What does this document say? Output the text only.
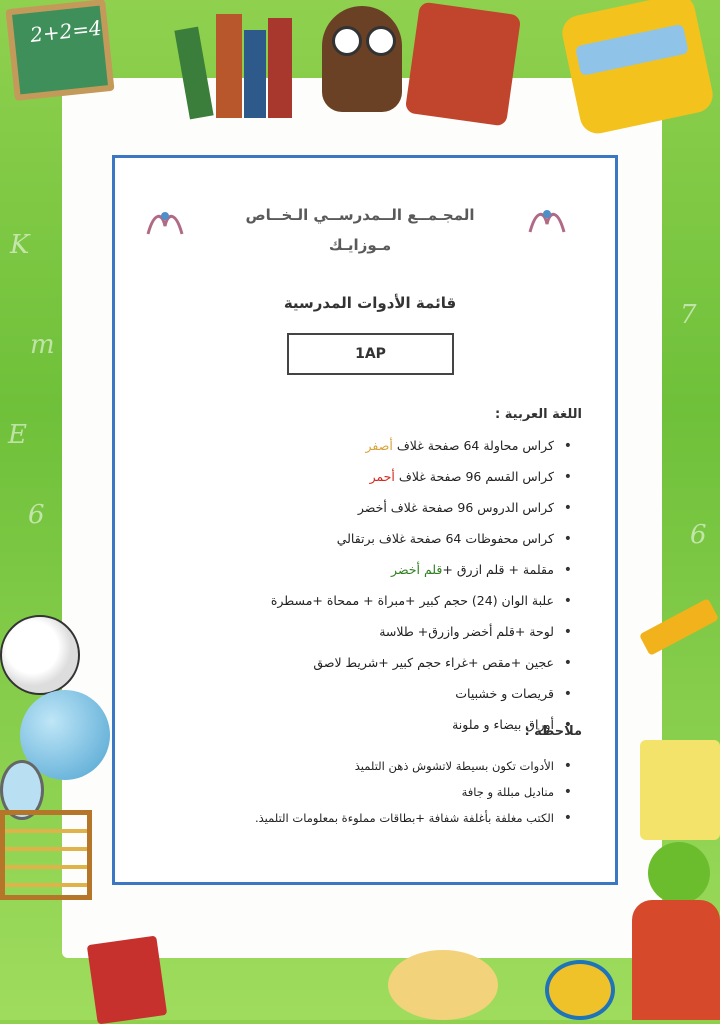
K
m
E
6
7
6
2+2=4
المجـمــع الــمدرســي الـخــاص
مـوزايـك
قائمة الأدوات المدرسية
1AP
اللغة العربية :
• كراس محاولة 64 صفحة غلاف أصفر
• كراس القسم 96 صفحة غلاف أحمر
• كراس الدروس 96 صفحة غلاف أخضر
• كراس محفوظات 64 صفحة غلاف برتقالي
• مقلمة + قلم ازرق +قلم أخضر
• علبة الوان (24) حجم كبير +مبراة + ممحاة +مسطرة
• لوحة +قلم أخضر وازرق+ طلاسة
• عجين +مقص +غراء حجم كبير +شريط لاصق
• قريصات و خشبيات
• أوراق بيضاء و ملونة
ملاحظة :
• الأدوات تكون بسيطة لاتشوش ذهن التلميذ
• مناديل مبللة و جافة
• الكتب مغلفة بأغلفة شفافة +بطاقات مملوءة بمعلومات التلميذ.
